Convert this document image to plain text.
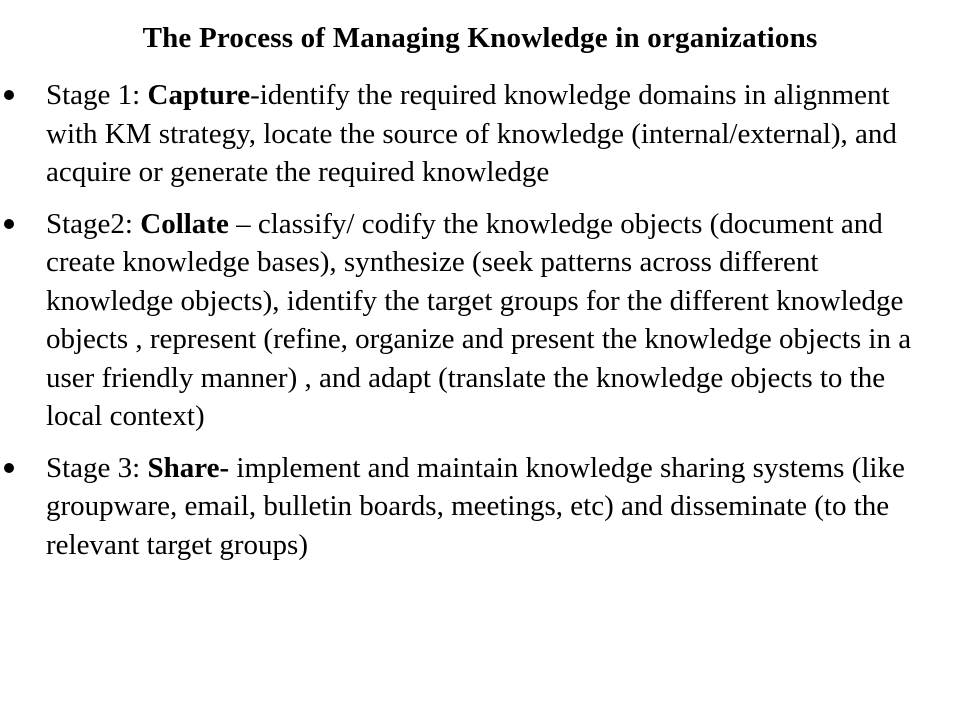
The Process of Managing Knowledge in organizations
Stage 1: Capture-identify the required knowledge domains in alignment with KM strategy, locate the source of knowledge (internal/external), and acquire or generate the required knowledge
Stage2: Collate – classify/ codify the knowledge objects (document and create knowledge bases), synthesize (seek patterns across different knowledge objects), identify the target groups for the different knowledge objects , represent (refine, organize and present the knowledge objects in a user friendly manner) , and adapt (translate the knowledge objects to the local context)
Stage 3: Share- implement and maintain knowledge sharing systems (like groupware, email, bulletin boards, meetings, etc) and disseminate (to the relevant target groups)
